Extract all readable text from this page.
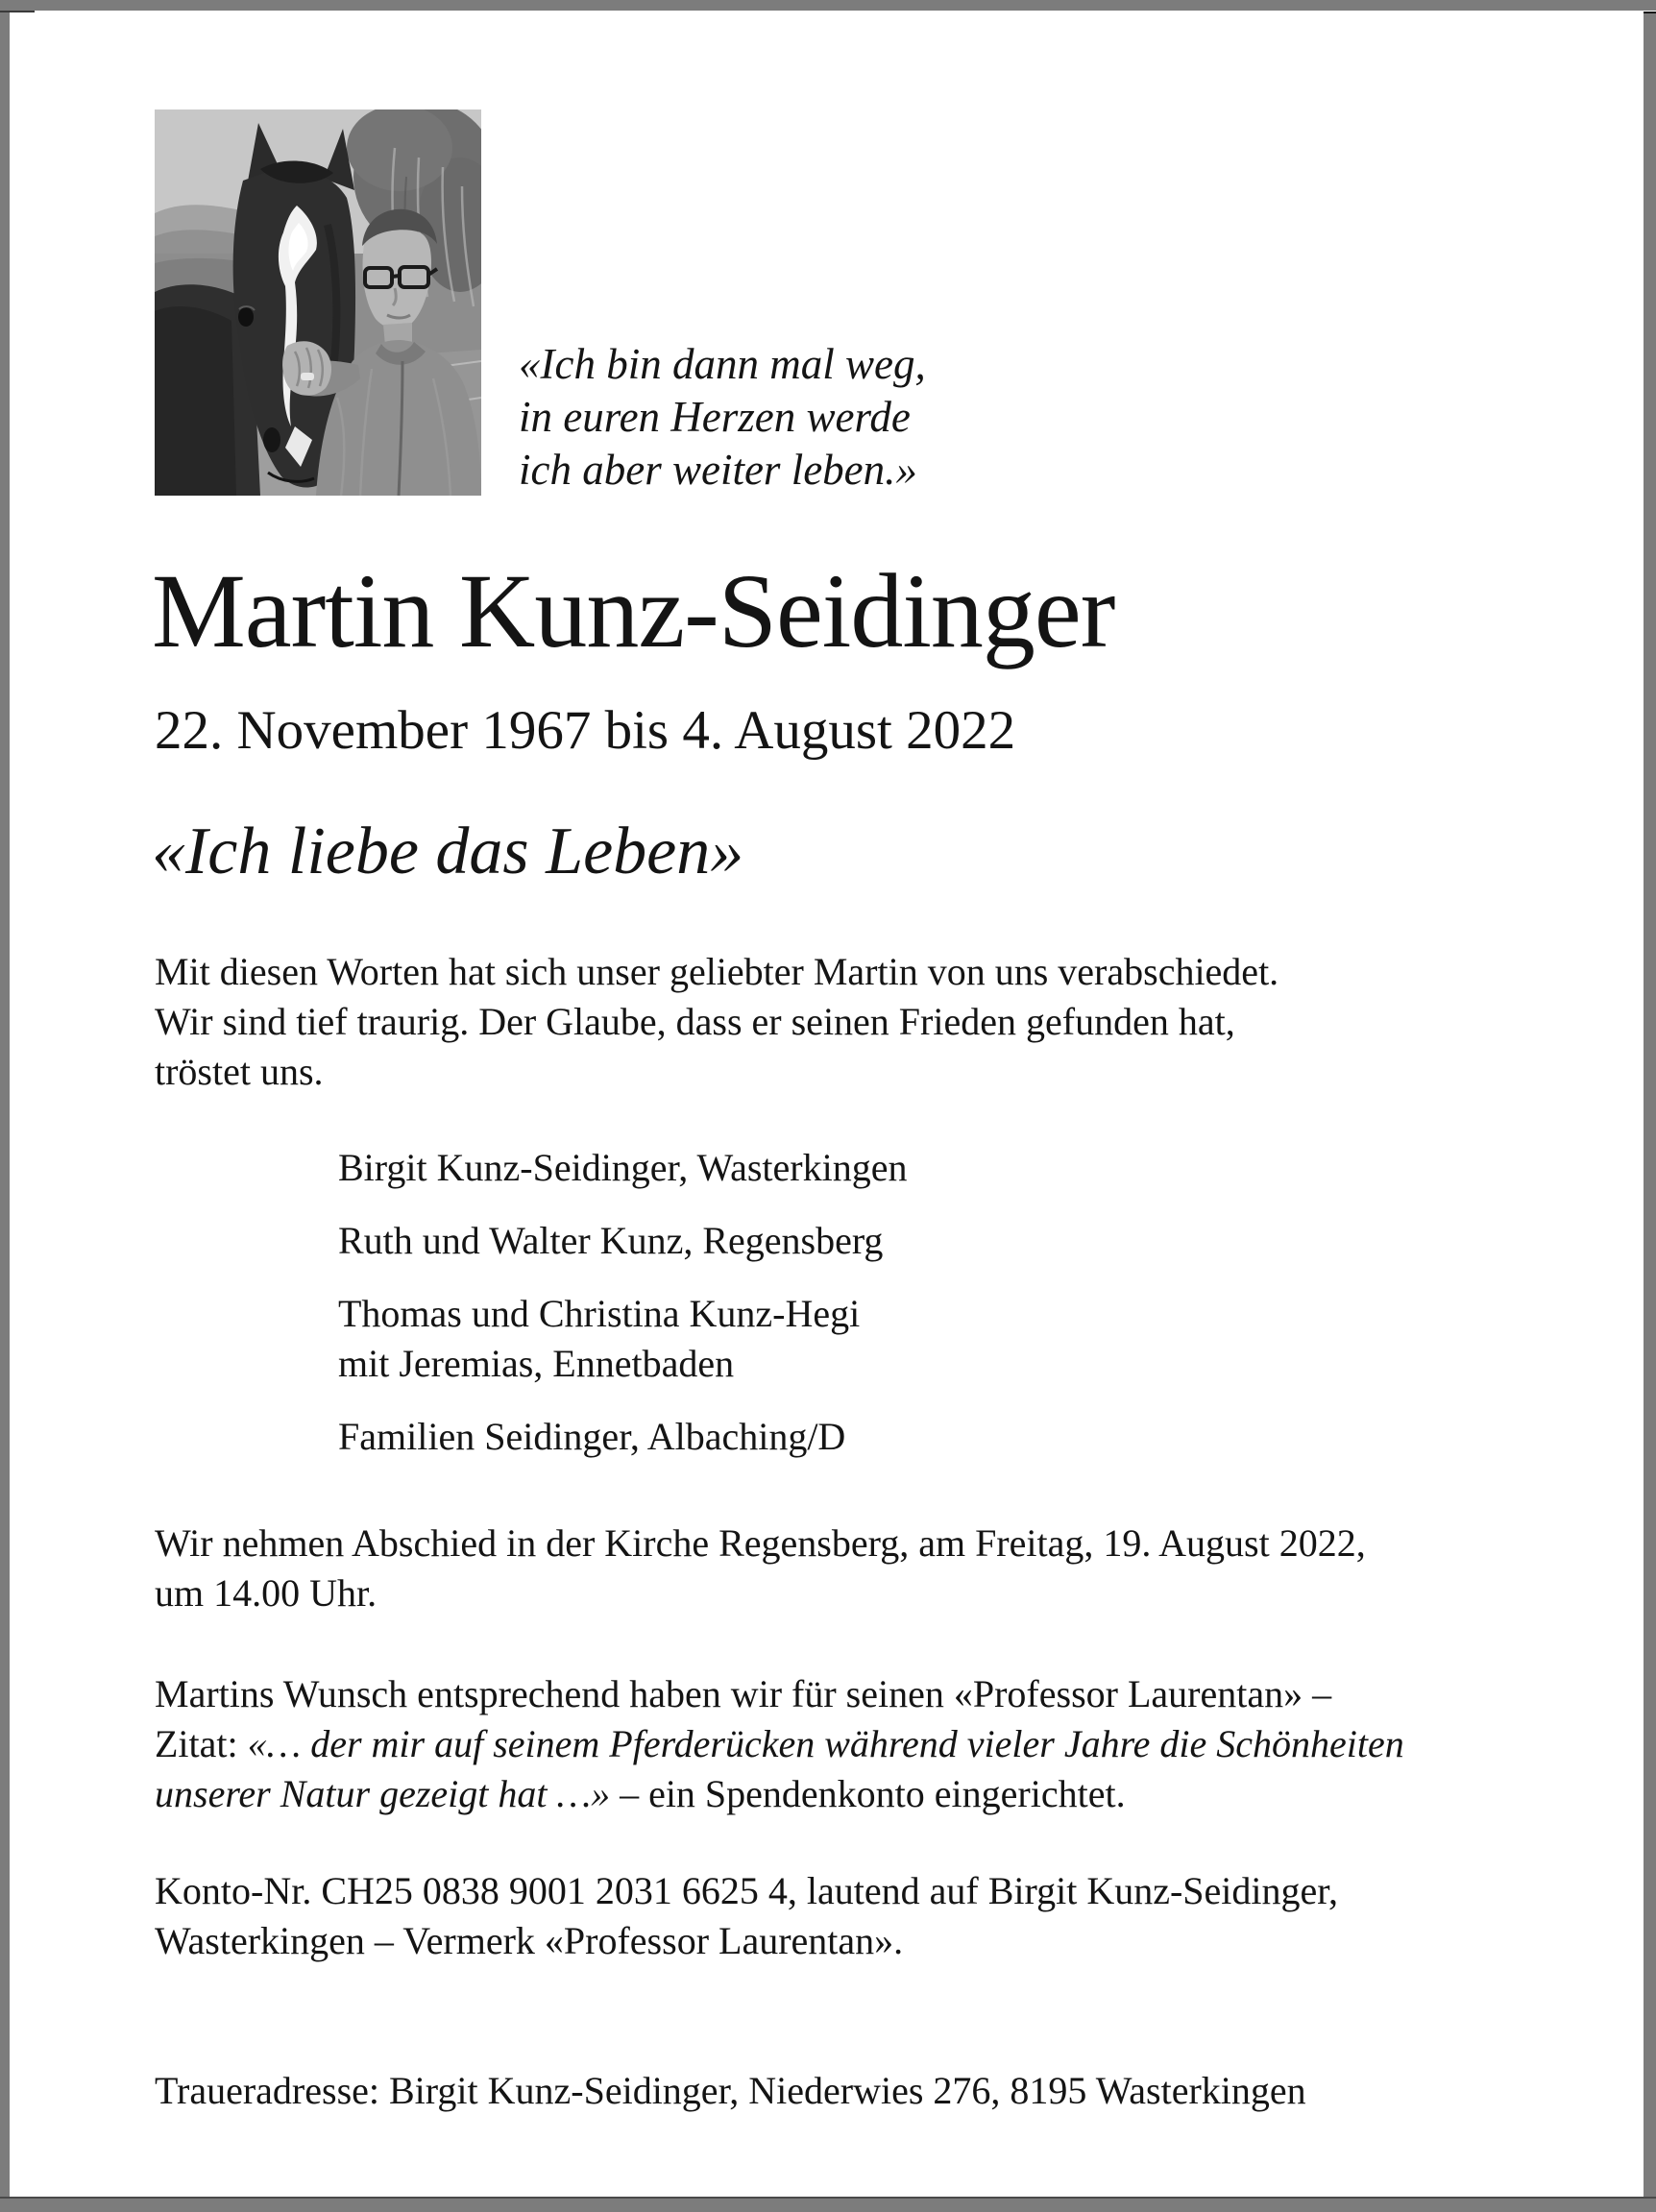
«Ich bin dann mal weg,
in euren Herzen werde
ich aber weiter leben.»
Martin Kunz-Seidinger
22. November 1967 bis 4. August 2022
«Ich liebe das Leben»
Mit diesen Worten hat sich unser geliebter Martin von uns verabschiedet.
Wir sind tief traurig. Der Glaube, dass er seinen Frieden gefunden hat,
tröstet uns.
Birgit Kunz-Seidinger, Wasterkingen
Ruth und Walter Kunz, Regensberg
Thomas und Christina Kunz-Hegi
mit Jeremias, Ennetbaden
Familien Seidinger, Albaching/D
Wir nehmen Abschied in der Kirche Regensberg, am Freitag, 19. August 2022,
um 14.00 Uhr.
Martins Wunsch entsprechend haben wir für seinen «Professor Laurentan» –
Zitat: «… der mir auf seinem Pferderücken während vieler Jahre die Schönheiten
unserer Natur gezeigt hat …» – ein Spendenkonto eingerichtet.
Konto-Nr. CH25 0838 9001 2031 6625 4, lautend auf Birgit Kunz-Seidinger,
Wasterkingen – Vermerk «Professor Laurentan».
Traueradresse: Birgit Kunz-Seidinger, Niederwies 276, 8195 Wasterkingen
